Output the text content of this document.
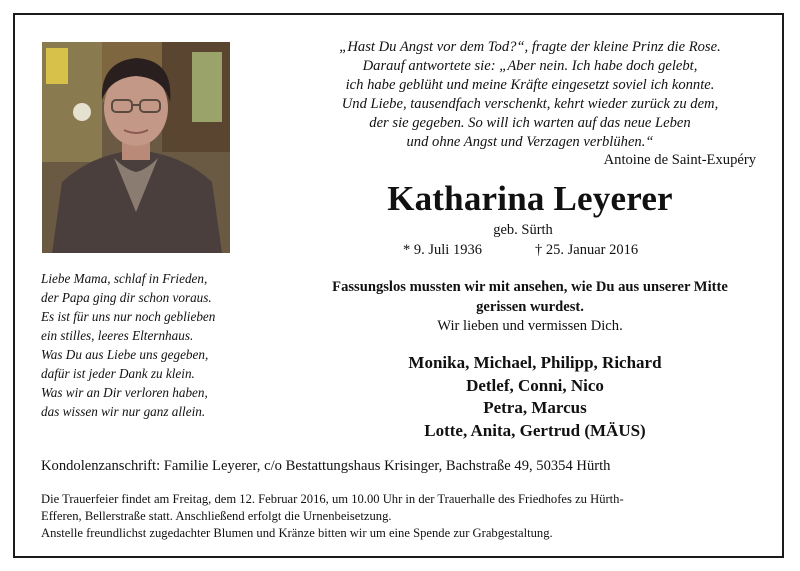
Liebe Mama, schlaf in Frieden,
der Papa ging dir schon voraus.
Es ist für uns nur noch geblieben
ein stilles, leeres Elternhaus.
Was Du aus Liebe uns gegeben,
dafür ist jeder Dank zu klein.
Was wir an Dir verloren haben,
das wissen wir nur ganz allein.
„Hast Du Angst vor dem Tod?“, fragte der kleine Prinz die Rose.
Darauf antwortete sie: „Aber nein. Ich habe doch gelebt,
ich habe geblüht und meine Kräfte eingesetzt soviel ich konnte.
Und Liebe, tausendfach verschenkt, kehrt wieder zurück zu dem,
der sie gegeben. So will ich warten auf das neue Leben
und ohne Angst und Verzagen verblühen.“
Antoine de Saint-Exupéry
Katharina Leyerer
geb. Sürth
* 9. Juli 1936	† 25. Januar 2016
Fassungslos mussten wir mit ansehen, wie Du aus unserer Mitte
gerissen wurdest.
Wir lieben und vermissen Dich.
Monika, Michael, Philipp, Richard
Detlef, Conni, Nico
Petra, Marcus
Lotte, Anita, Gertrud (MÄUS)
Kondolenzanschrift: Familie Leyerer, c/o Bestattungshaus Krisinger, Bachstraße 49, 50354 Hürth
Die Trauerfeier findet am Freitag, dem 12. Februar 2016, um 10.00 Uhr in der Trauerhalle des Friedhofes zu Hürth-
Efferen, Bellerstraße statt. Anschließend erfolgt die Urnenbeisetzung.
Anstelle freundlichst zugedachter Blumen und Kränze bitten wir um eine Spende zur Grabgestaltung.
